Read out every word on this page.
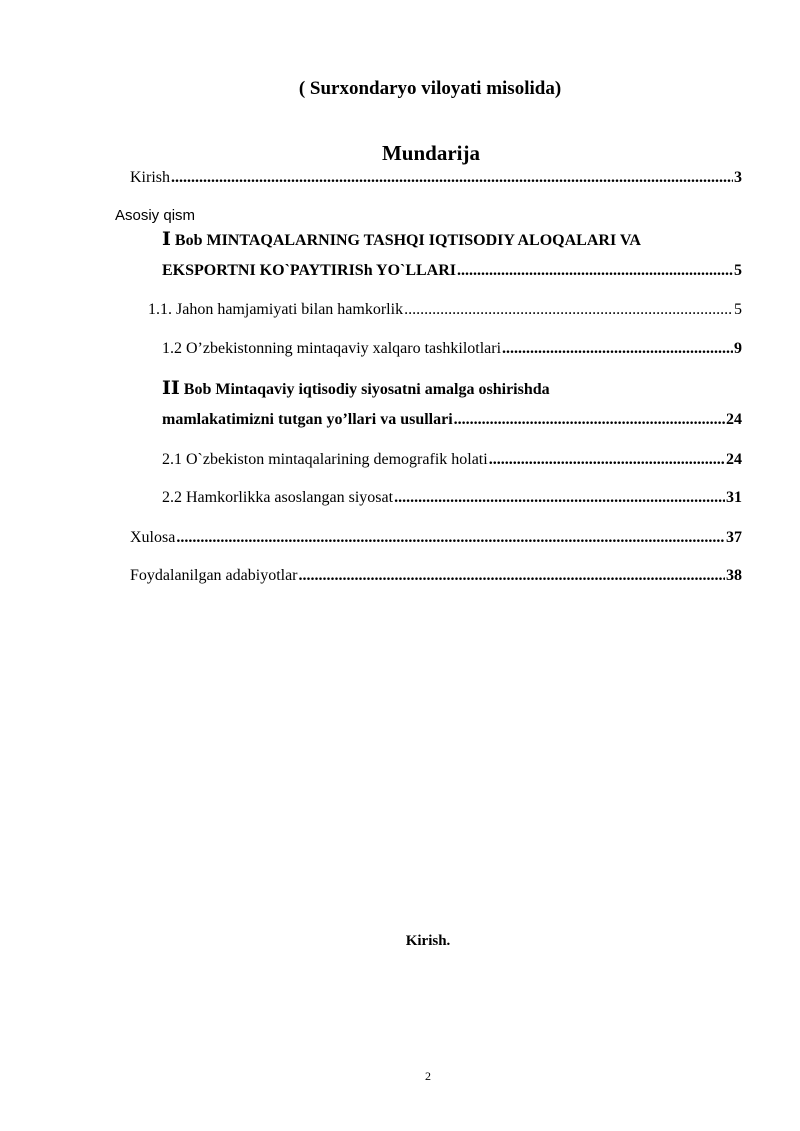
( Surxondaryo viloyati misolida)
Mundarija
Kirish .....	3
Asosiy qism
I Bob MINTAQALARNING TASHQI IQTISODIY ALOQALARI VA
EKSPORTNI KO`PAYTIRISh YO`LLARI .....	5
1.1. Jahon hamjamiyati bilan hamkorlik .....	5
1.2 O’zbekistonning mintaqaviy xalqaro tashkilotlari .....	9
II Bob Mintaqaviy iqtisodiy siyosatni amalga oshirishda
mamlakatimizni tutgan yo’llari va usullari .....	24
2.1 O`zbekiston mintaqalarining demografik holati .....	24
2.2 Hamkorlikka asoslangan siyosat .....	31
Xulosa .....	37
Foydalanilgan adabiyotlar .....	38
Kirish.
2
